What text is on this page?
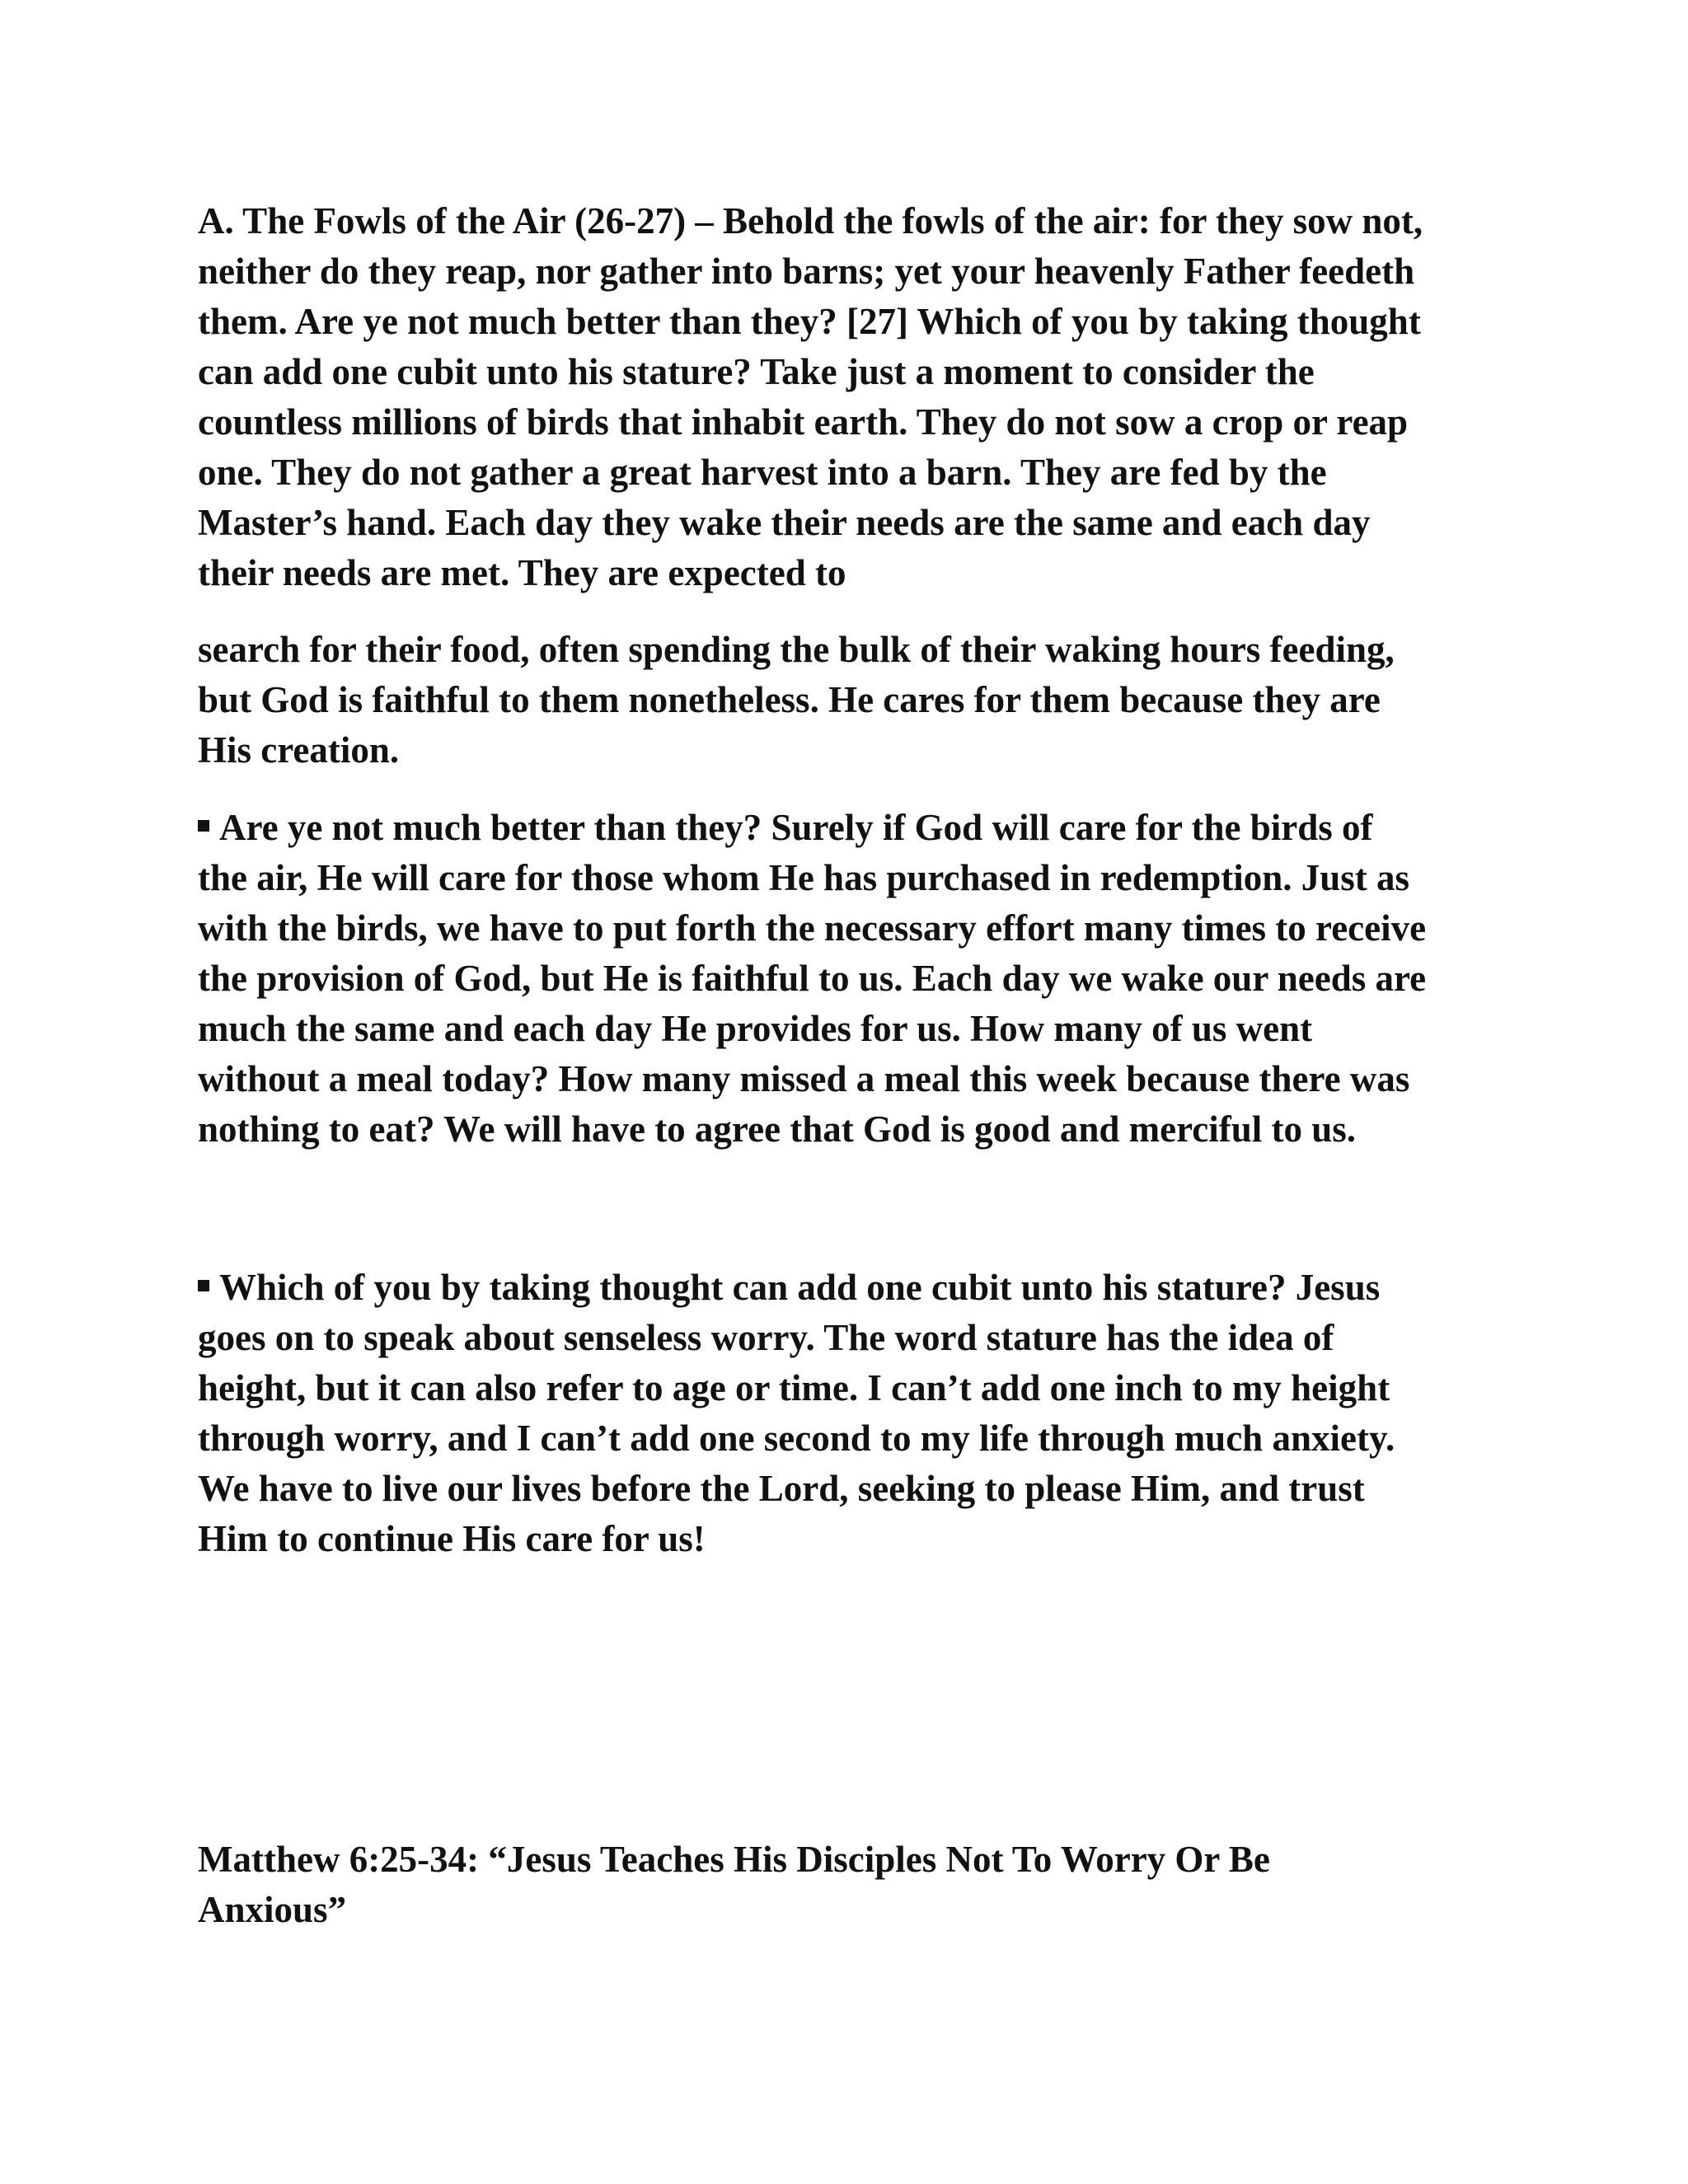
A. The Fowls of the Air (26-27) – Behold the fowls of the air: for they sow not,
neither do they reap, nor gather into barns; yet your heavenly Father feedeth
them. Are ye not much better than they? [27] Which of you by taking thought
can add one cubit unto his stature? Take just a moment to consider the
countless millions of birds that inhabit earth. They do not sow a crop or reap
one. They do not gather a great harvest into a barn. They are fed by the
Master’s hand. Each day they wake their needs are the same and each day
their needs are met. They are expected to

search for their food, often spending the bulk of their waking hours feeding,
but God is faithful to them nonetheless. He cares for them because they are
His creation.

Are ye not much better than they? Surely if God will care for the birds of
the air, He will care for those whom He has purchased in redemption. Just as
with the birds, we have to put forth the necessary effort many times to receive
the provision of God, but He is faithful to us. Each day we wake our needs are
much the same and each day He provides for us. How many of us went
without a meal today? How many missed a meal this week because there was
nothing to eat? We will have to agree that God is good and merciful to us.
Which of you by taking thought can add one cubit unto his stature? Jesus
goes on to speak about senseless worry. The word stature has the idea of
height, but it can also refer to age or time. I can’t add one inch to my height
through worry, and I can’t add one second to my life through much anxiety.
We have to live our lives before the Lord, seeking to please Him, and trust
Him to continue His care for us!

Matthew 6:25-34: “Jesus Teaches His Disciples Not To Worry Or Be
Anxious”
